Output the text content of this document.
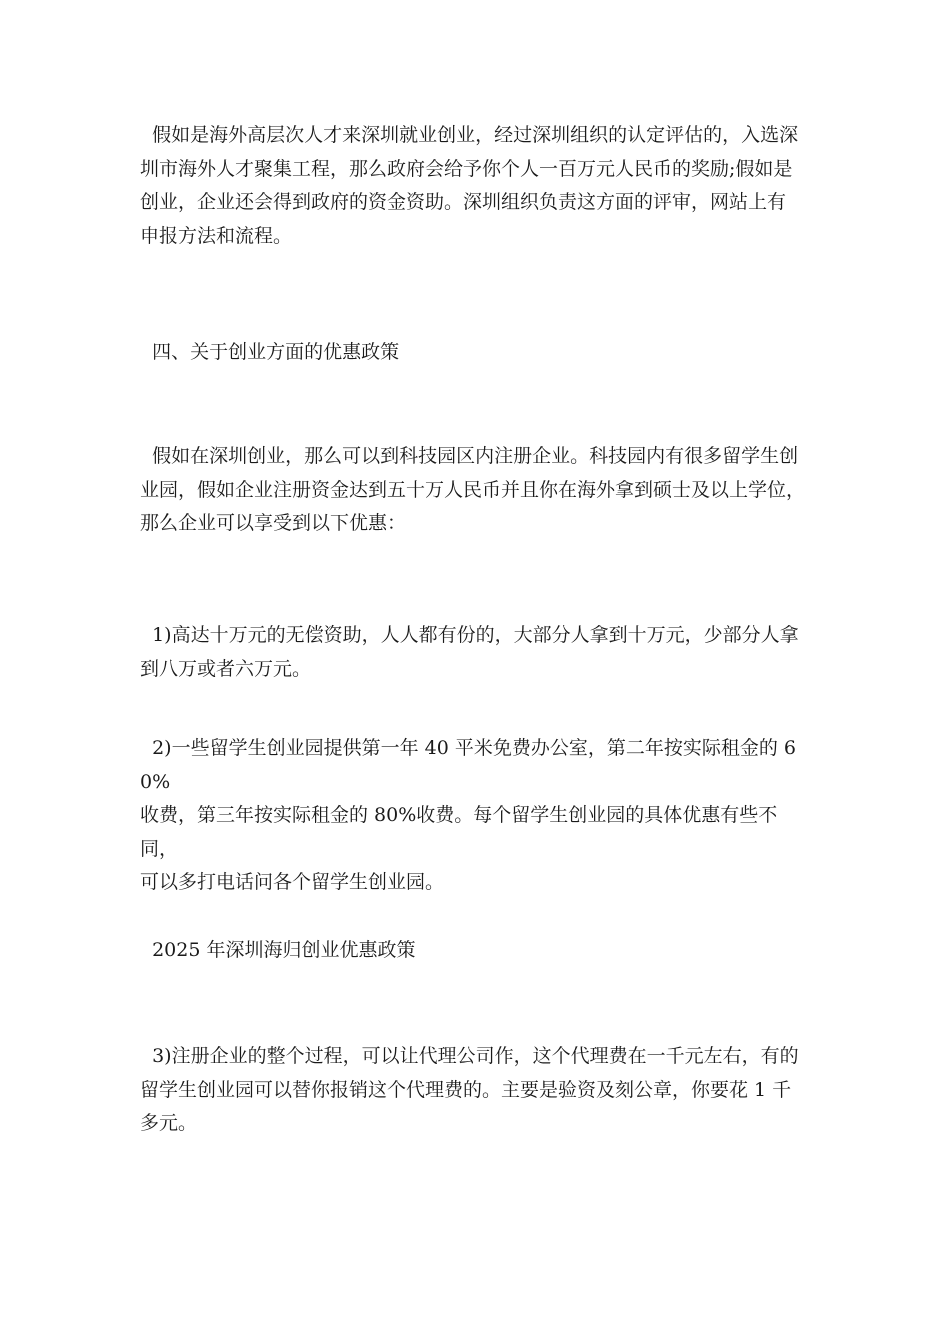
假如是海外高层次人才来深圳就业创业，经过深圳组织的认定评估的，入选深
圳市海外人才聚集工程，那么政府会给予你个人一百万元人民币的奖励;假如是
创业，企业还会得到政府的资金资助。深圳组织负责这方面的评审，网站上有
申报方法和流程。

四、关于创业方面的优惠政策

假如在深圳创业，那么可以到科技园区内注册企业。科技园内有很多留学生创
业园，假如企业注册资金达到五十万人民币并且你在海外拿到硕士及以上学位，
那么企业可以享受到以下优惠：

1)高达十万元的无偿资助，人人都有份的，大部分人拿到十万元，少部分人拿
到八万或者六万元。

2)一些留学生创业园提供第一年 40 平米免费办公室，第二年按实际租金的 60%
收费，第三年按实际租金的 80%收费。每个留学生创业园的具体优惠有些不同，
可以多打电话问各个留学生创业园。

2025 年深圳海归创业优惠政策

3)注册企业的整个过程，可以让代理公司作，这个代理费在一千元左右，有的
留学生创业园可以替你报销这个代理费的。主要是验资及刻公章，你要花 1 千
多元。
